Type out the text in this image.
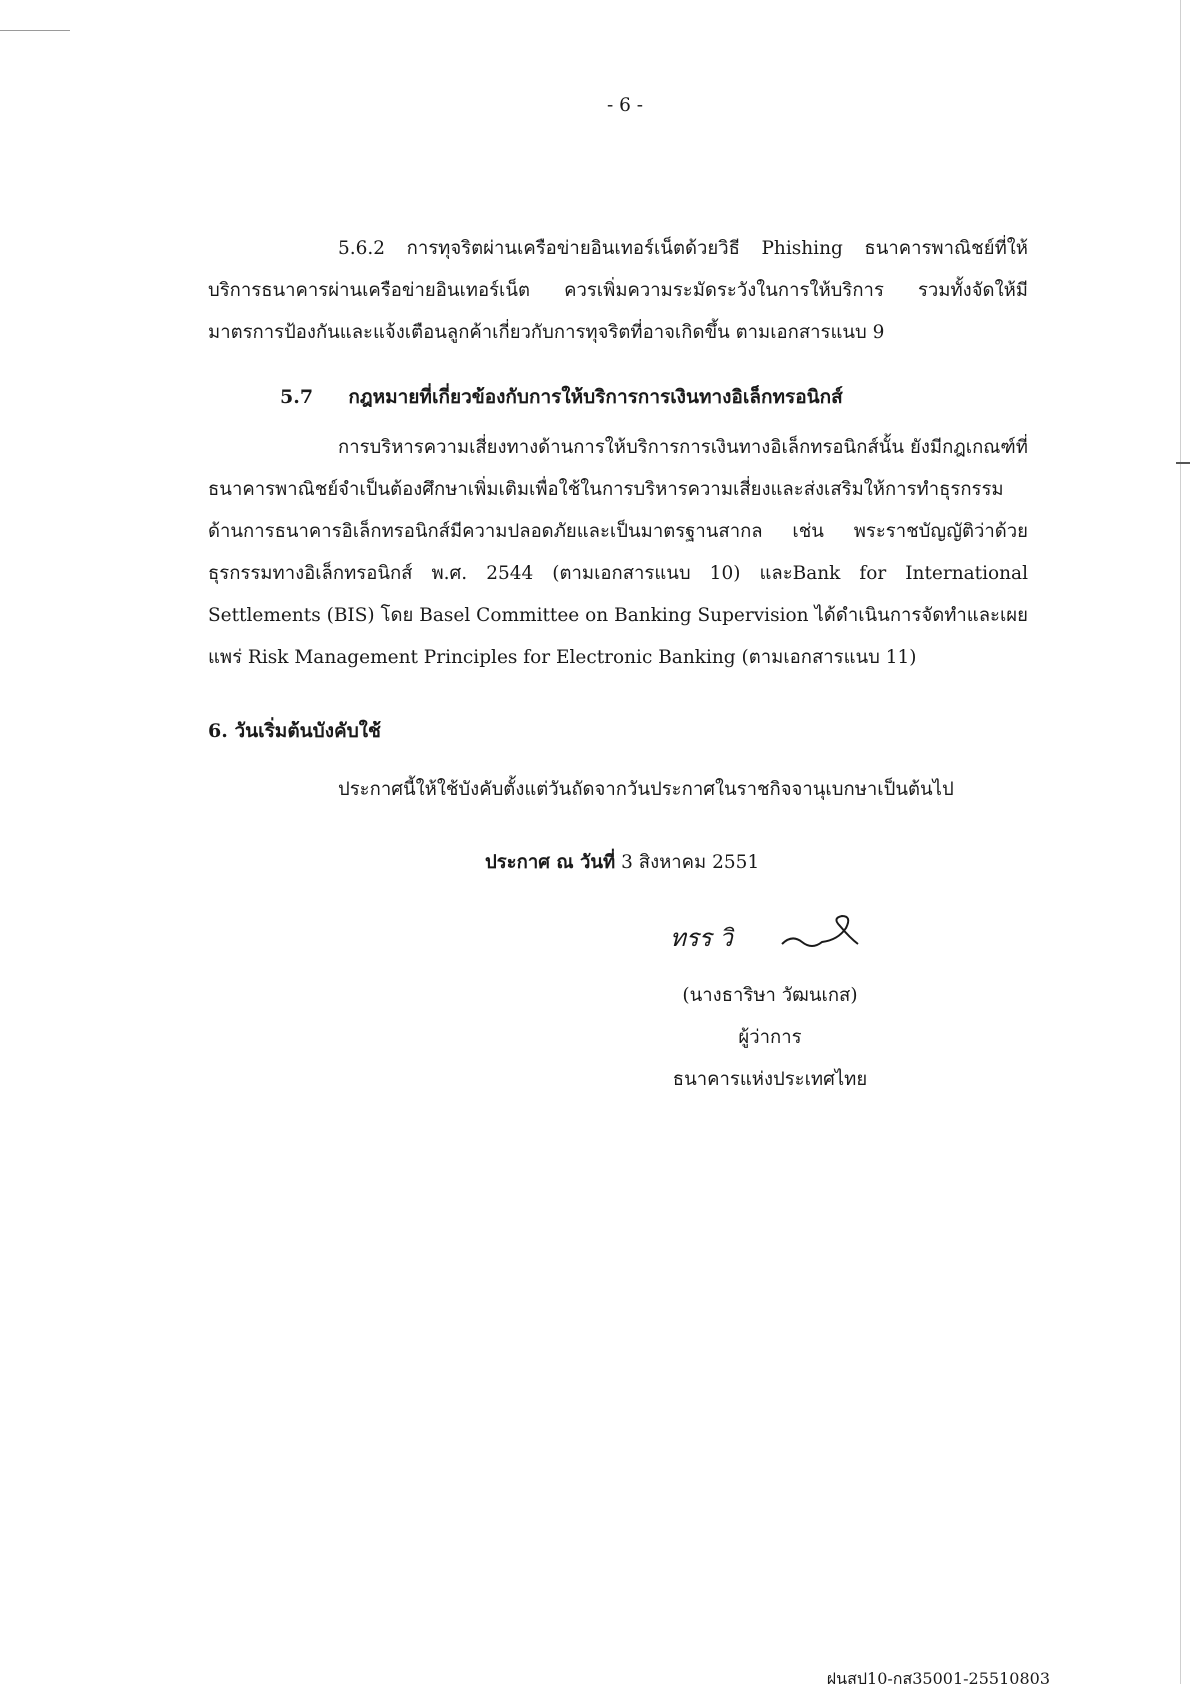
- 6 -
5.6.2 การทุจริตผ่านเครือข่ายอินเทอร์เน็ตด้วยวิธี Phishing ธนาคารพาณิชย์ที่ให้บริการธนาคารผ่านเครือข่ายอินเทอร์เน็ต ควรเพิ่มความระมัดระวังในการให้บริการ รวมทั้งจัดให้มีมาตรการป้องกันและแจ้งเตือนลูกค้าเกี่ยวกับการทุจริตที่อาจเกิดขึ้น ตามเอกสารแนบ 9
5.7 กฎหมายที่เกี่ยวข้องกับการให้บริการการเงินทางอิเล็กทรอนิกส์
การบริหารความเสี่ยงทางด้านการให้บริการการเงินทางอิเล็กทรอนิกส์นั้น ยังมีกฎเกณฑ์ที่ธนาคารพาณิชย์จำเป็นต้องศึกษาเพิ่มเติมเพื่อใช้ในการบริหารความเสี่ยงและส่งเสริมให้การทำธุรกรรมด้านการธนาคารอิเล็กทรอนิกส์มีความปลอดภัยและเป็นมาตรฐานสากล เช่น พระราชบัญญัติว่าด้วยธุรกรรมทางอิเล็กทรอนิกส์ พ.ศ. 2544 (ตามเอกสารแนบ 10) และBank for International Settlements (BIS) โดย Basel Committee on Banking Supervision ได้ดำเนินการจัดทำและเผยแพร่ Risk Management Principles for Electronic Banking (ตามเอกสารแนบ 11)
6. วันเริ่มต้นบังคับใช้
ประกาศนี้ให้ใช้บังคับตั้งแต่วันถัดจากวันประกาศในราชกิจจานุเบกษาเป็นต้นไป
ประกาศ ณ วันที่ 3 สิงหาคม 2551
ทรร วิ
(นางธาริษา วัฒนเกส)
ผู้ว่าการ
ธนาคารแห่งประเทศไทย
ฝนสป10-กส35001-25510803
